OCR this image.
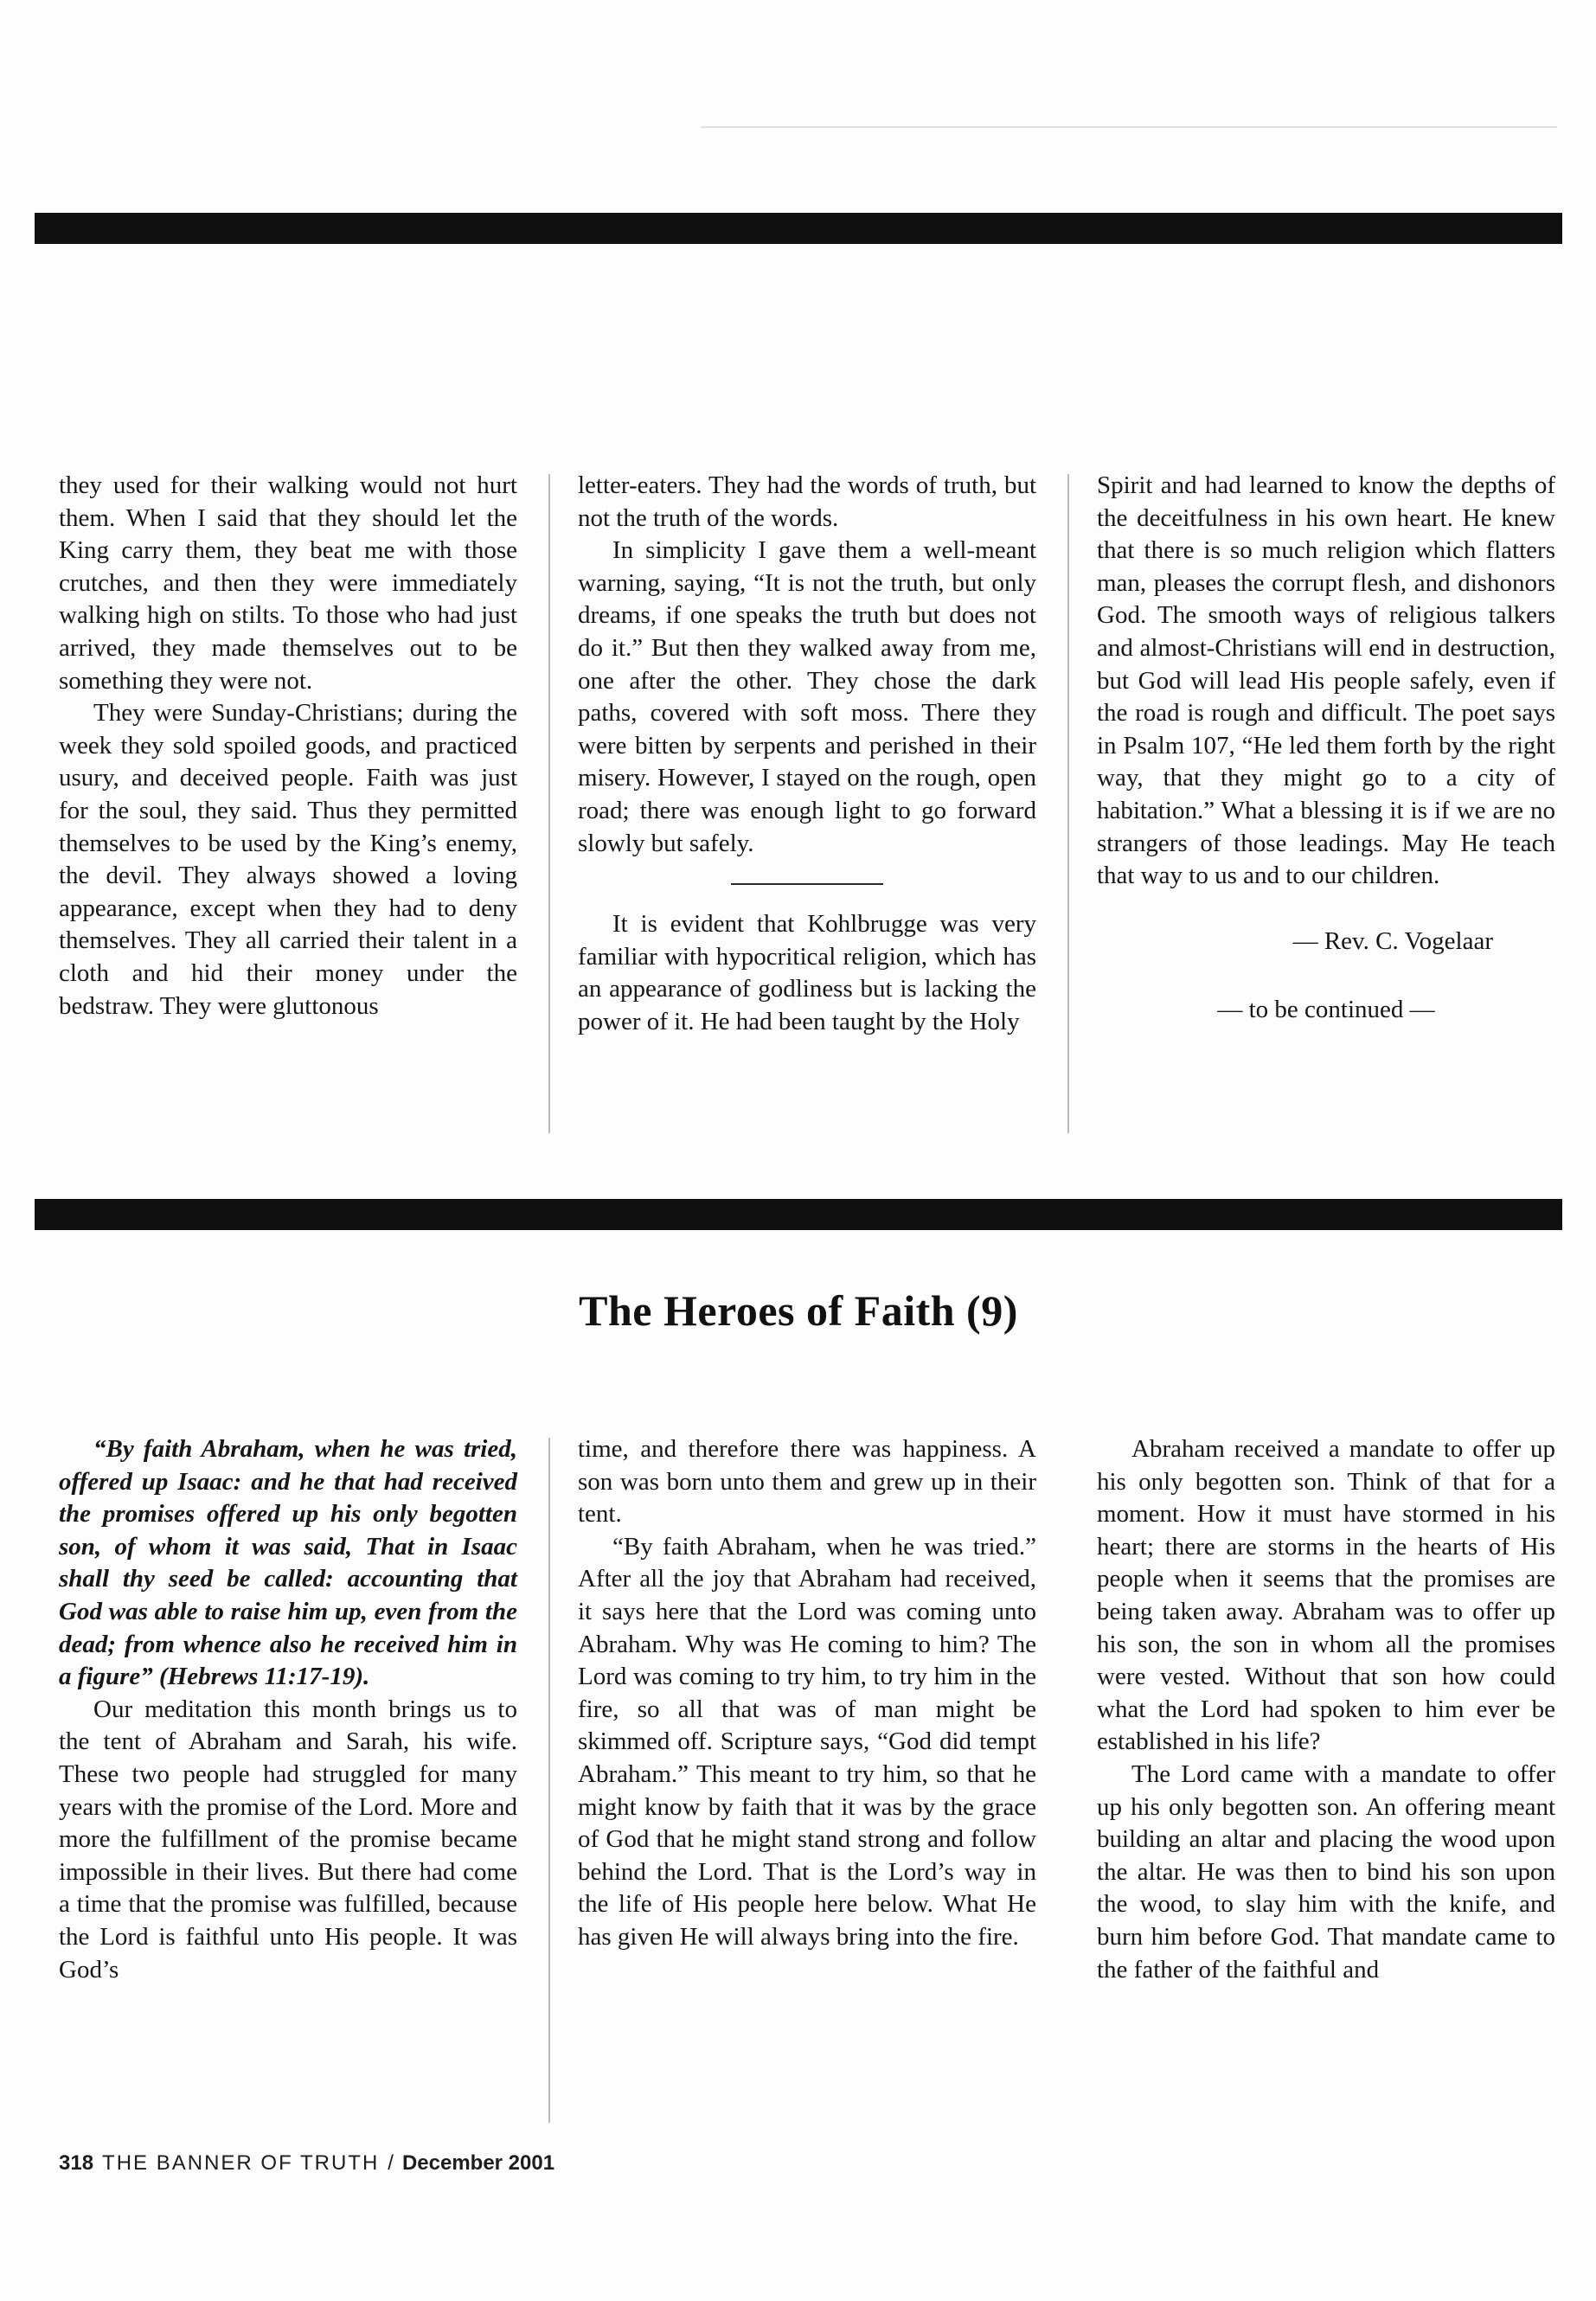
they used for their walking would not hurt them. When I said that they should let the King carry them, they beat me with those crutches, and then they were immediately walking high on stilts. To those who had just arrived, they made themselves out to be something they were not.

They were Sunday-Christians; during the week they sold spoiled goods, and practiced usury, and deceived people. Faith was just for the soul, they said. Thus they permitted themselves to be used by the King’s enemy, the devil. They always showed a loving appearance, except when they had to deny themselves. They all carried their talent in a cloth and hid their money under the bedstraw. They were gluttonous

letter-eaters. They had the words of truth, but not the truth of the words.

In simplicity I gave them a well-meant warning, saying, “It is not the truth, but only dreams, if one speaks the truth but does not do it.” But then they walked away from me, one after the other. They chose the dark paths, covered with soft moss. There they were bitten by serpents and perished in their misery. However, I stayed on the rough, open road; there was enough light to go forward slowly but safely.

It is evident that Kohlbrugge was very familiar with hypocritical religion, which has an appearance of godliness but is lacking the power of it. He had been taught by the Holy

Spirit and had learned to know the depths of the deceitfulness in his own heart. He knew that there is so much religion which flatters man, pleases the corrupt flesh, and dishonors God. The smooth ways of religious talkers and almost-Christians will end in destruction, but God will lead His people safely, even if the road is rough and difficult. The poet says in Psalm 107, “He led them forth by the right way, that they might go to a city of habitation.” What a blessing it is if we are no strangers of those leadings. May He teach that way to us and to our children.

— Rev. C. Vogelaar

— to be continued —

The Heroes of Faith (9)

“By faith Abraham, when he was tried, offered up Isaac: and he that had received the promises offered up his only begotten son, of whom it was said, That in Isaac shall thy seed be called: accounting that God was able to raise him up, even from the dead; from whence also he received him in a figure” (Hebrews 11:17-19).

Our meditation this month brings us to the tent of Abraham and Sarah, his wife. These two people had struggled for many years with the promise of the Lord. More and more the fulfillment of the promise became impossible in their lives. But there had come a time that the promise was fulfilled, because the Lord is faithful unto His people. It was God’s

time, and therefore there was happiness. A son was born unto them and grew up in their tent.

“By faith Abraham, when he was tried.” After all the joy that Abraham had received, it says here that the Lord was coming unto Abraham. Why was He coming to him? The Lord was coming to try him, to try him in the fire, so all that was of man might be skimmed off. Scripture says, “God did tempt Abraham.” This meant to try him, so that he might know by faith that it was by the grace of God that he might stand strong and follow behind the Lord. That is the Lord’s way in the life of His people here below. What He has given He will always bring into the fire.

Abraham received a mandate to offer up his only begotten son. Think of that for a moment. How it must have stormed in his heart; there are storms in the hearts of His people when it seems that the promises are being taken away. Abraham was to offer up his son, the son in whom all the promises were vested. Without that son how could what the Lord had spoken to him ever be established in his life?

The Lord came with a mandate to offer up his only begotten son. An offering meant building an altar and placing the wood upon the altar. He was then to bind his son upon the wood, to slay him with the knife, and burn him before God. That mandate came to the father of the faithful and

318 THE BANNER OF TRUTH / December 2001
